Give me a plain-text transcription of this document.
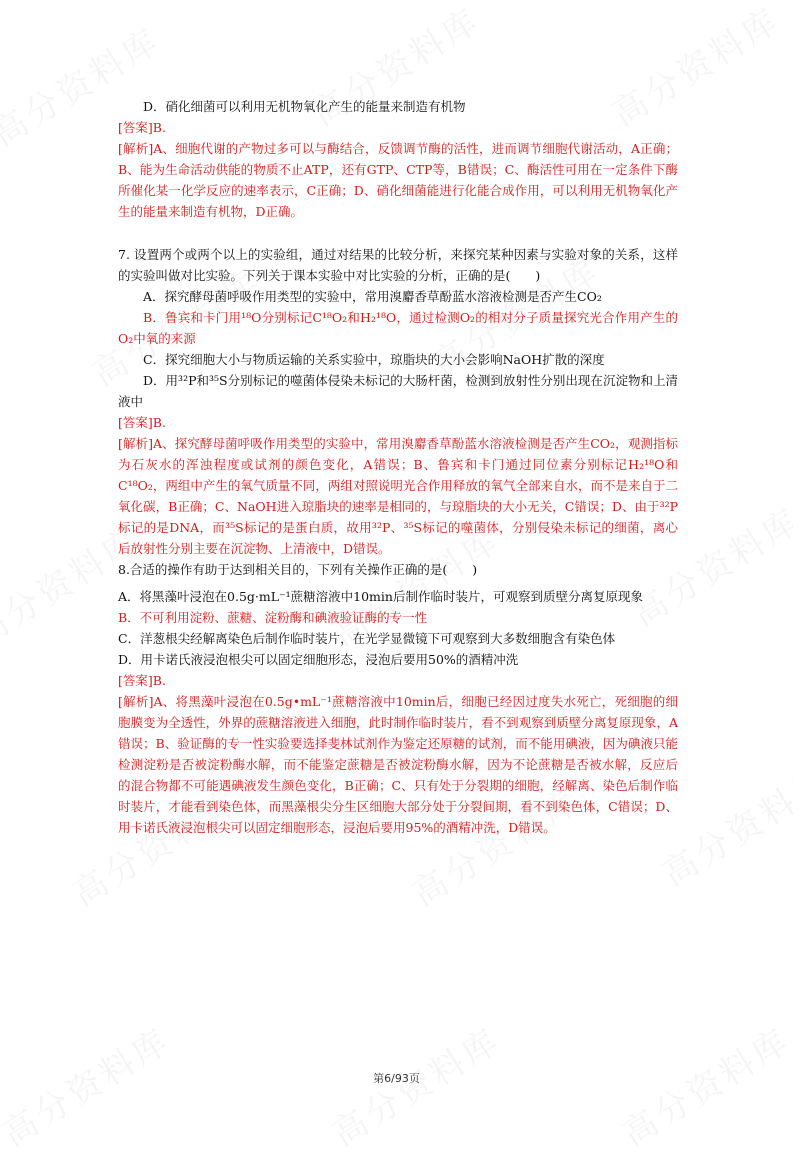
D．硝化细菌可以利用无机物氧化产生的能量来制造有机物

[答案]B.

[解析]A、细胞代谢的产物过多可以与酶结合，反馈调节酶的活性，进而调节细胞代谢活动，A正确；B、能为生命活动供能的物质不止ATP，还有GTP、CTP等，B错误；C、酶活性可用在一定条件下酶所催化某一化学反应的速率表示，C正确；D、硝化细菌能进行化能合成作用，可以利用无机物氧化产生的能量来制造有机物，D正确。

7. 设置两个或两个以上的实验组，通过对结果的比较分析，来探究某种因素与实验对象的关系，这样的实验叫做对比实验。下列关于课本实验中对比实验的分析，正确的是(　　)

A．探究酵母菌呼吸作用类型的实验中，常用溴麝香草酚蓝水溶液检测是否产生CO₂

B．鲁宾和卡门用¹⁸O分别标记C¹⁸O₂和H₂¹⁸O，通过检测O₂的相对分子质量探究光合作用产生的O₂中氧的来源

C．探究细胞大小与物质运输的关系实验中，琼脂块的大小会影响NaOH扩散的深度

D．用³²P和³⁵S分别标记的噬菌体侵染未标记的大肠杆菌，检测到放射性分别出现在沉淀物和上清液中

[答案]B.

[解析]A、探究酵母菌呼吸作用类型的实验中，常用溴麝香草酚蓝水溶液检测是否产生CO₂，观测指标为石灰水的浑浊程度或试剂的颜色变化，A错误；B、鲁宾和卡门通过同位素分别标记H₂¹⁸O和C¹⁸O₂，两组中产生的氧气质量不同，两组对照说明光合作用释放的氧气全部来自水，而不是来自于二氧化碳，B正确；C、NaOH进入琼脂块的速率是相同的，与琼脂块的大小无关，C错误；D、由于³²P标记的是DNA，而³⁵S标记的是蛋白质，故用³²P、³⁵S标记的噬菌体，分别侵染未标记的细菌，离心后放射性分别主要在沉淀物、上清液中，D错误。

8.合适的操作有助于达到相关目的，下列有关操作正确的是(　　)

A．将黑藻叶浸泡在0.5g·mL⁻¹蔗糖溶液中10min后制作临时装片，可观察到质壁分离复原现象

B．不可利用淀粉、蔗糖、淀粉酶和碘液验证酶的专一性

C．洋葱根尖经解离染色后制作临时装片，在光学显微镜下可观察到大多数细胞含有染色体

D．用卡诺氏液浸泡根尖可以固定细胞形态，浸泡后要用50%的酒精冲洗

[答案]B.

[解析]A、将黑藻叶浸泡在0.5g•mL⁻¹蔗糖溶液中10min后，细胞已经因过度失水死亡，死细胞的细胞膜变为全透性，外界的蔗糖溶液进入细胞，此时制作临时装片，看不到观察到质壁分离复原现象，A错误；B、验证酶的专一性实验要选择斐林试剂作为鉴定还原糖的试剂，而不能用碘液，因为碘液只能检测淀粉是否被淀粉酶水解，而不能鉴定蔗糖是否被淀粉酶水解，因为不论蔗糖是否被水解，反应后的混合物都不可能遇碘液发生颜色变化，B正确；C、只有处于分裂期的细胞，经解离、染色后制作临时装片，才能看到染色体，而黑藻根尖分生区细胞大部分处于分裂间期，看不到染色体，C错误；D、用卡诺氏液浸泡根尖可以固定细胞形态，浸泡后要用95%的酒精冲洗，D错误。

第6/93页
